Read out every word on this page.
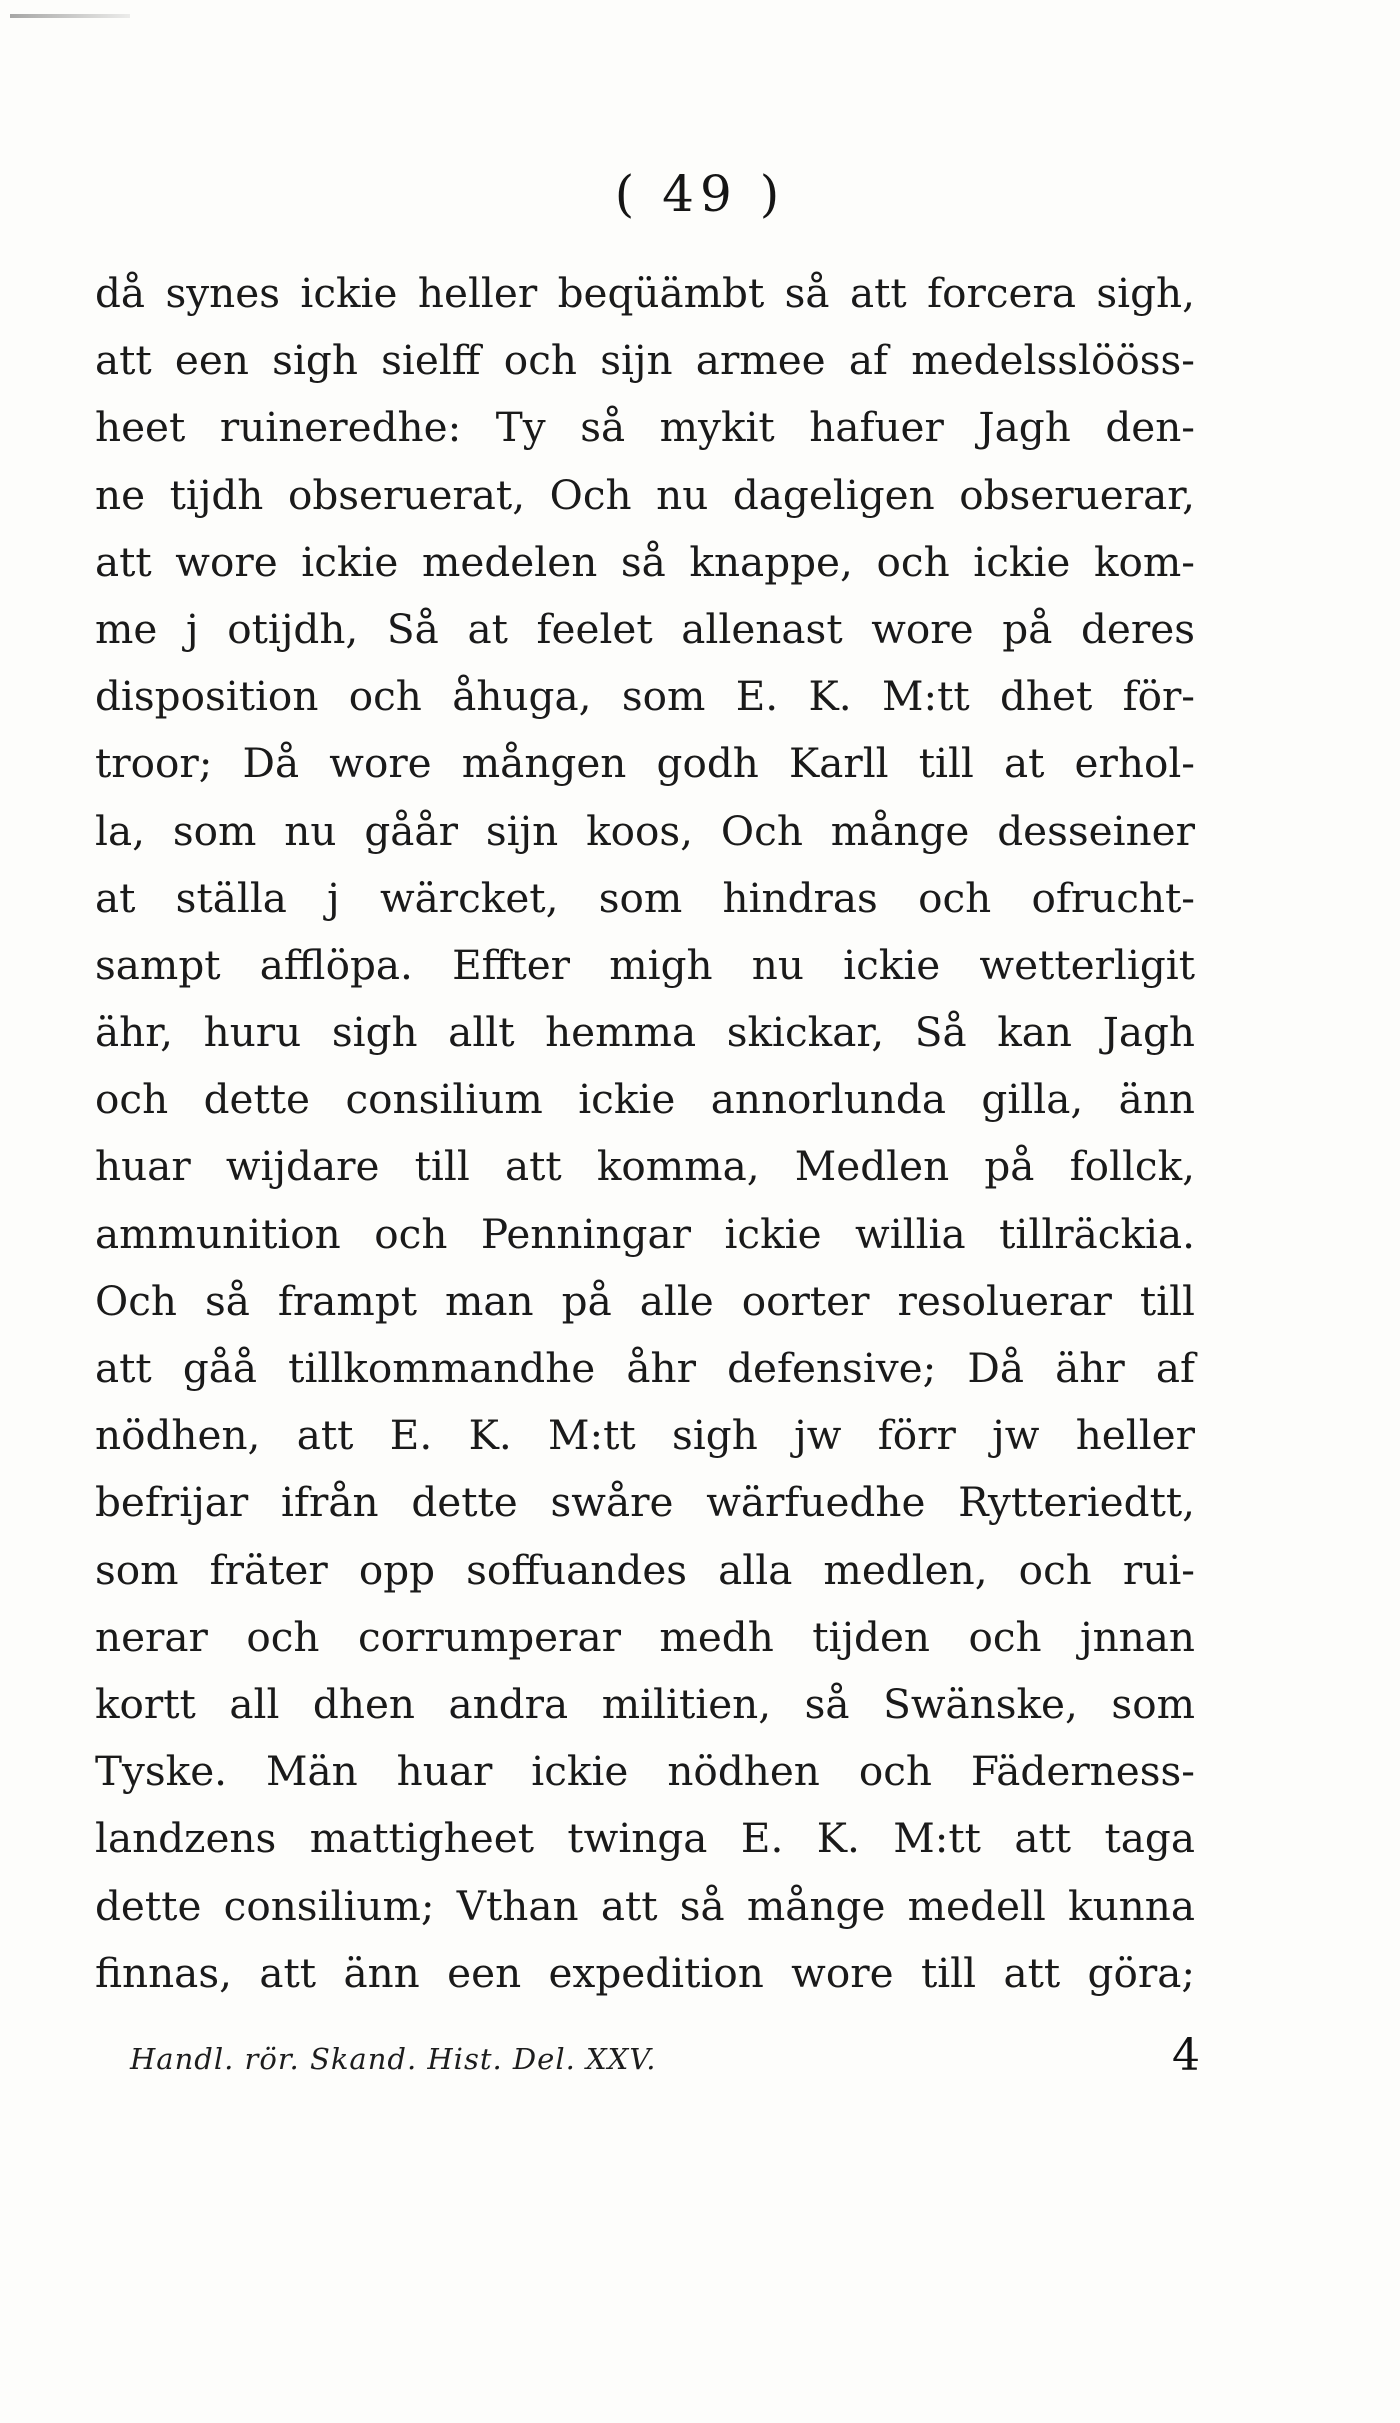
( 49 )
då synes ickie heller beqüämbt så att forcera sigh,
att een sigh sielff och sijn armee af medelsslööss-
heet ruineredhe: Ty så mykit hafuer Jagh den-
ne tijdh obseruerat, Och nu dageligen obseruerar,
att wore ickie medelen så knappe, och ickie kom-
me j otijdh, Så at feelet allenast wore på deres
disposition och åhuga, som E. K. M:tt dhet för-
troor; Då wore mången godh Karll till at erhol-
la, som nu gåår sijn koos, Och månge desseiner
at ställa j wärcket, som hindras och ofrucht-
sampt afflöpa. Effter migh nu ickie wetterligit
ähr, huru sigh allt hemma skickar, Så kan Jagh
och dette consilium ickie annorlunda gilla, änn
huar wijdare till att komma, Medlen på follck,
ammunition och Penningar ickie willia tillräckia.
Och så frampt man på alle oorter resoluerar till
att gåå tillkommandhe åhr defensive; Då ähr af
nödhen, att E. K. M:tt sigh jw förr jw heller
befrijar ifrån dette swåre wärfuedhe Rytteriedtt,
som fräter opp soffuandes alla medlen, och rui-
nerar och corrumperar medh tijden och jnnan
kortt all dhen andra militien, så Swänske, som
Tyske. Män huar ickie nödhen och Fäderness-
landzens mattigheet twinga E. K. M:tt att taga
dette consilium; Vthan att så månge medell kunna
finnas, att änn een expedition wore till att göra;
Handl. rör. Skand. Hist. Del. XXV.	4
